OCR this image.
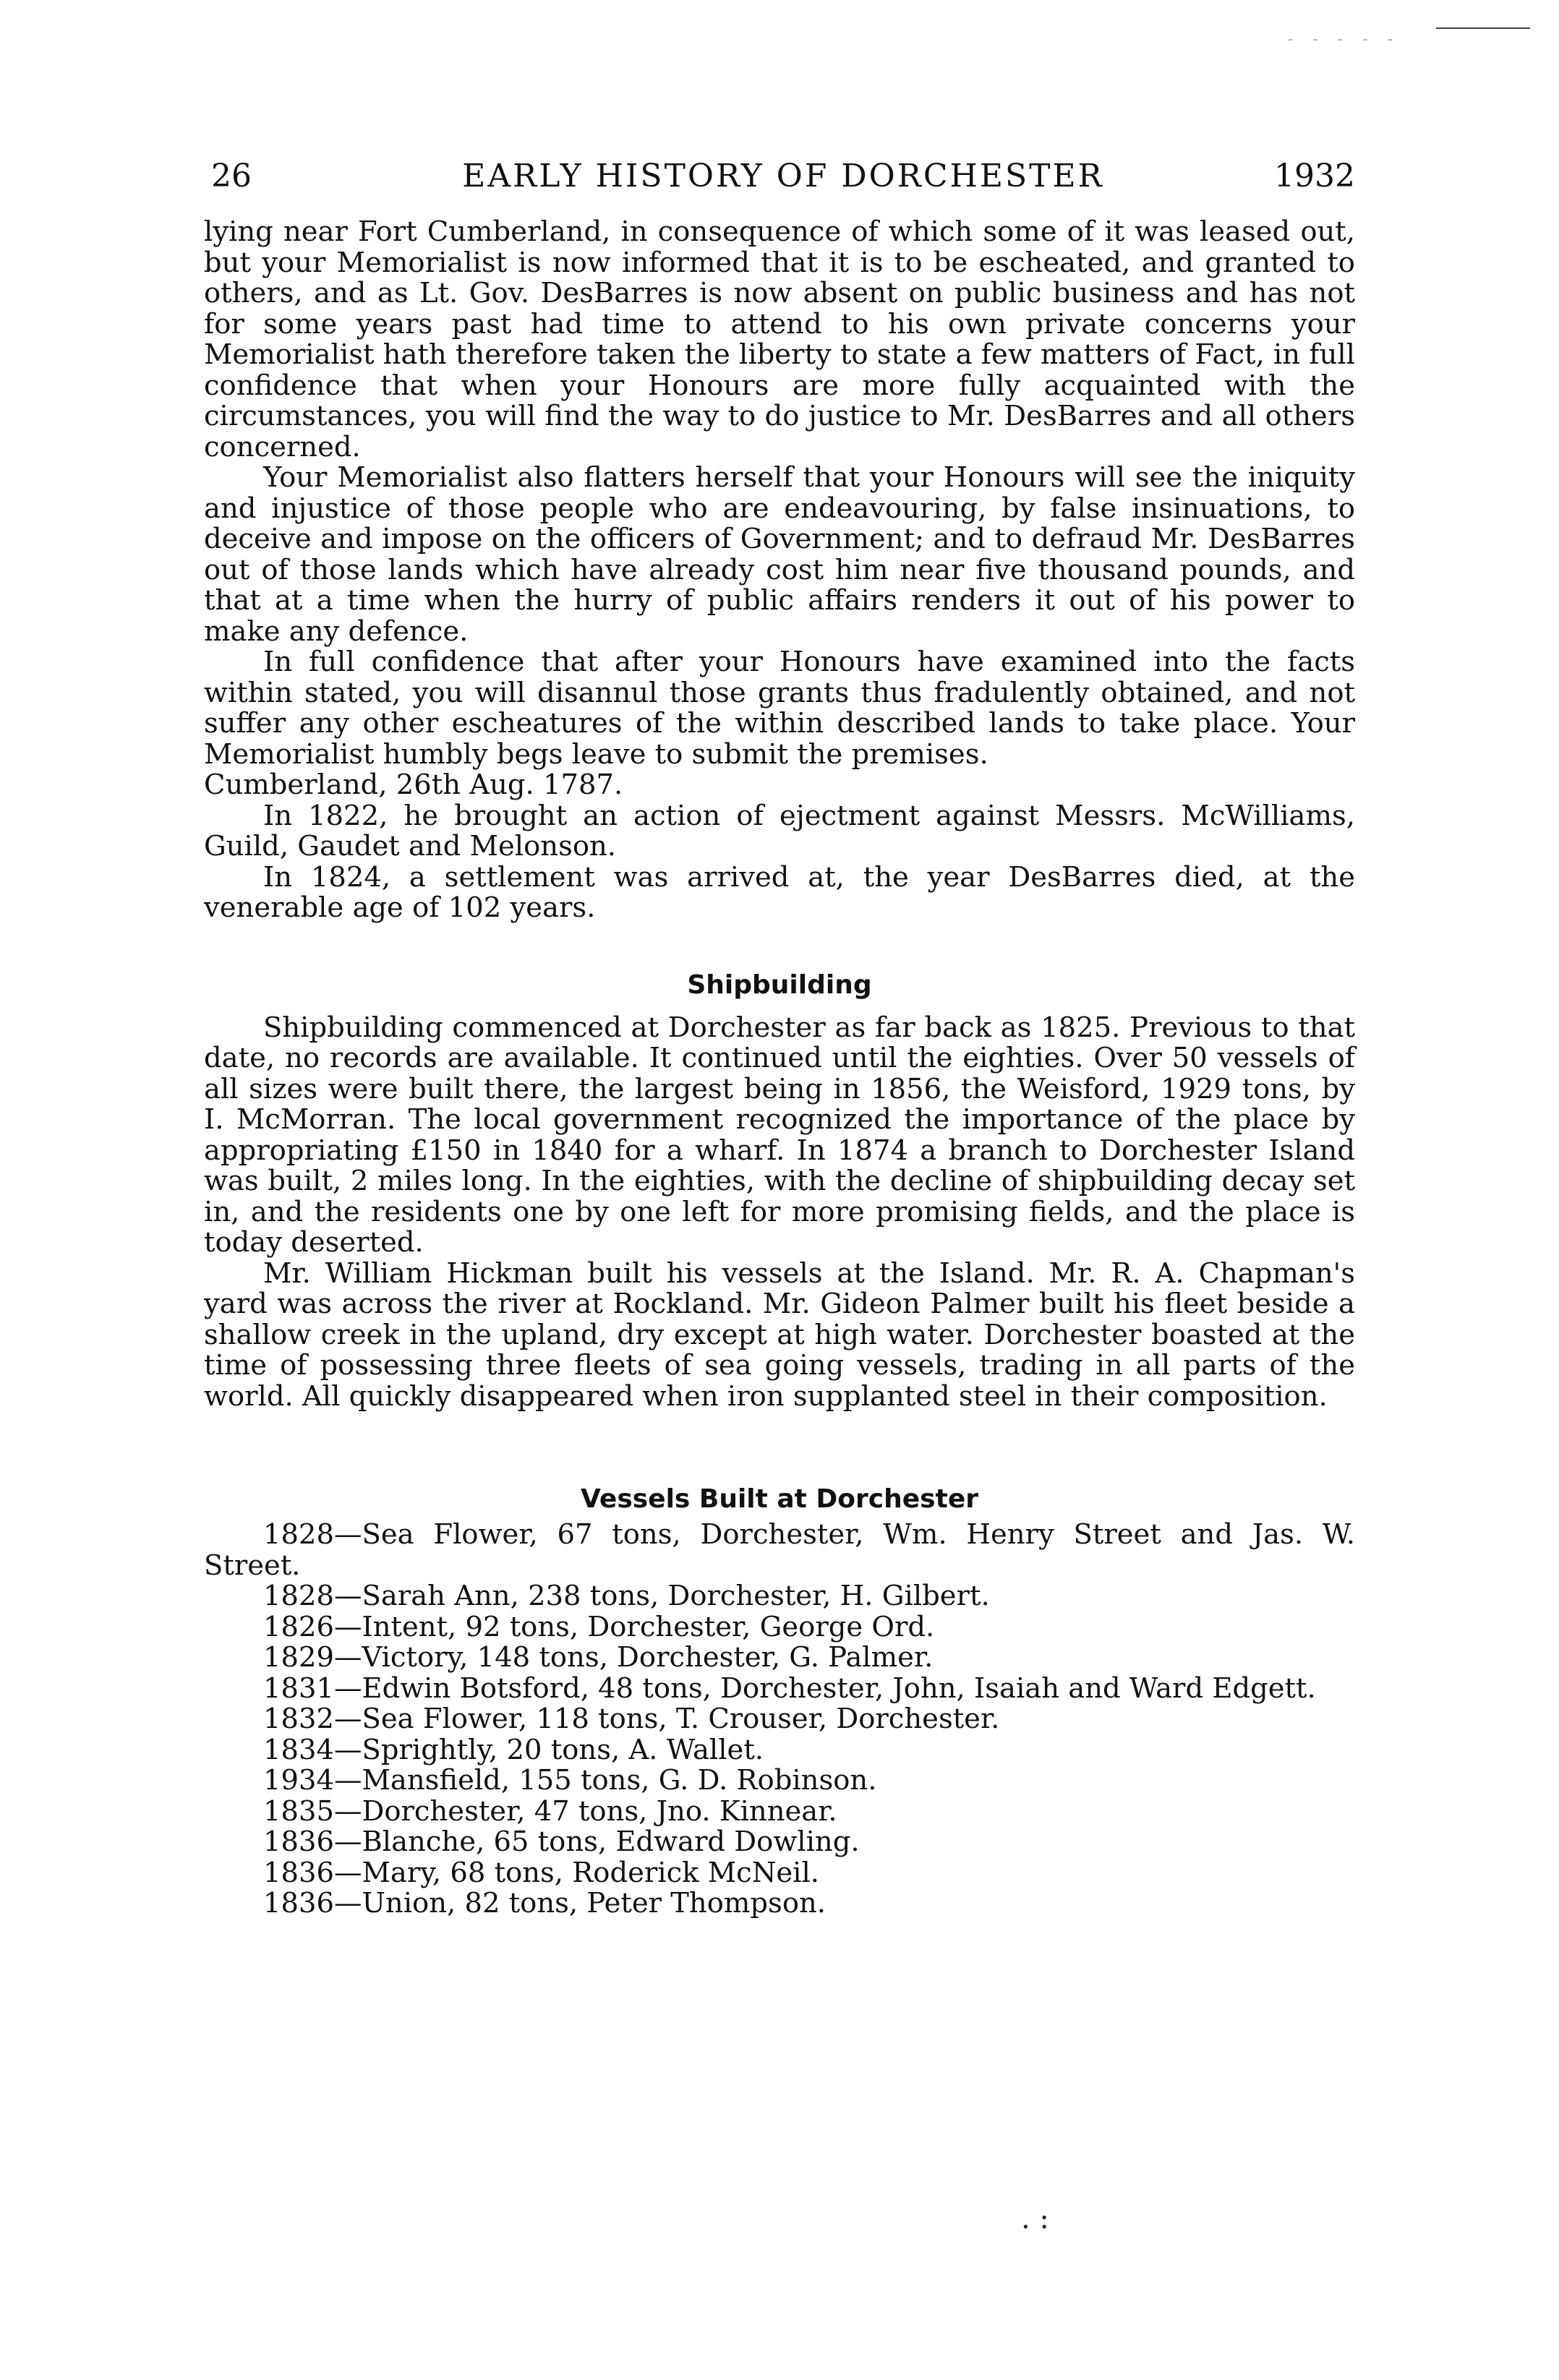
- - - - -
26	EARLY HISTORY OF DORCHESTER	1932

lying near Fort Cumberland, in consequence of which some of it was leased out, but your Memorialist is now informed that it is to be escheated, and granted to others, and as Lt. Gov. DesBarres is now absent on public business and has not for some years past had time to attend to his own private concerns your Memorialist hath therefore taken the liberty to state a few matters of Fact, in full confidence that when your Honours are more fully acquainted with the circumstances, you will find the way to do justice to Mr. DesBarres and all others concerned.

Your Memorialist also flatters herself that your Honours will see the iniquity and injustice of those people who are endeavouring, by false insinuations, to deceive and impose on the officers of Government; and to defraud Mr. DesBarres out of those lands which have already cost him near five thousand pounds, and that at a time when the hurry of public affairs renders it out of his power to make any defence.

In full confidence that after your Honours have examined into the facts within stated, you will disannul those grants thus fradulently obtained, and not suffer any other escheatures of the within described lands to take place. Your Memorialist humbly begs leave to submit the premises.

Cumberland, 26th Aug. 1787.

In 1822, he brought an action of ejectment against Messrs. McWilliams, Guild, Gaudet and Melonson.

In 1824, a settlement was arrived at, the year DesBarres died, at the venerable age of 102 years.

Shipbuilding

Shipbuilding commenced at Dorchester as far back as 1825. Previous to that date, no records are available. It continued until the eighties. Over 50 vessels of all sizes were built there, the largest being in 1856, the Weisford, 1929 tons, by I. McMorran. The local government recognized the importance of the place by appropriating £150 in 1840 for a wharf. In 1874 a branch to Dorchester Island was built, 2 miles long. In the eighties, with the decline of shipbuilding decay set in, and the residents one by one left for more promising fields, and the place is today deserted.

Mr. William Hickman built his vessels at the Island. Mr. R. A. Chapman's yard was across the river at Rockland. Mr. Gideon Palmer built his fleet beside a shallow creek in the upland, dry except at high water. Dorchester boasted at the time of possessing three fleets of sea going vessels, trading in all parts of the world. All quickly disappeared when iron supplanted steel in their composition.

Vessels Built at Dorchester

1828—Sea Flower, 67 tons, Dorchester, Wm. Henry Street and Jas. W. Street.

1828—Sarah Ann, 238 tons, Dorchester, H. Gilbert.

1826—Intent, 92 tons, Dorchester, George Ord.

1829—Victory, 148 tons, Dorchester, G. Palmer.

1831—Edwin Botsford, 48 tons, Dorchester, John, Isaiah and Ward Edgett.

1832—Sea Flower, 118 tons, T. Crouser, Dorchester.

1834—Sprightly, 20 tons, A. Wallet.

1934—Mansfield, 155 tons, G. D. Robinson.

1835—Dorchester, 47 tons, Jno. Kinnear.

1836—Blanche, 65 tons, Edward Dowling.

1836—Mary, 68 tons, Roderick McNeil.

1836—Union, 82 tons, Peter Thompson.

. :
